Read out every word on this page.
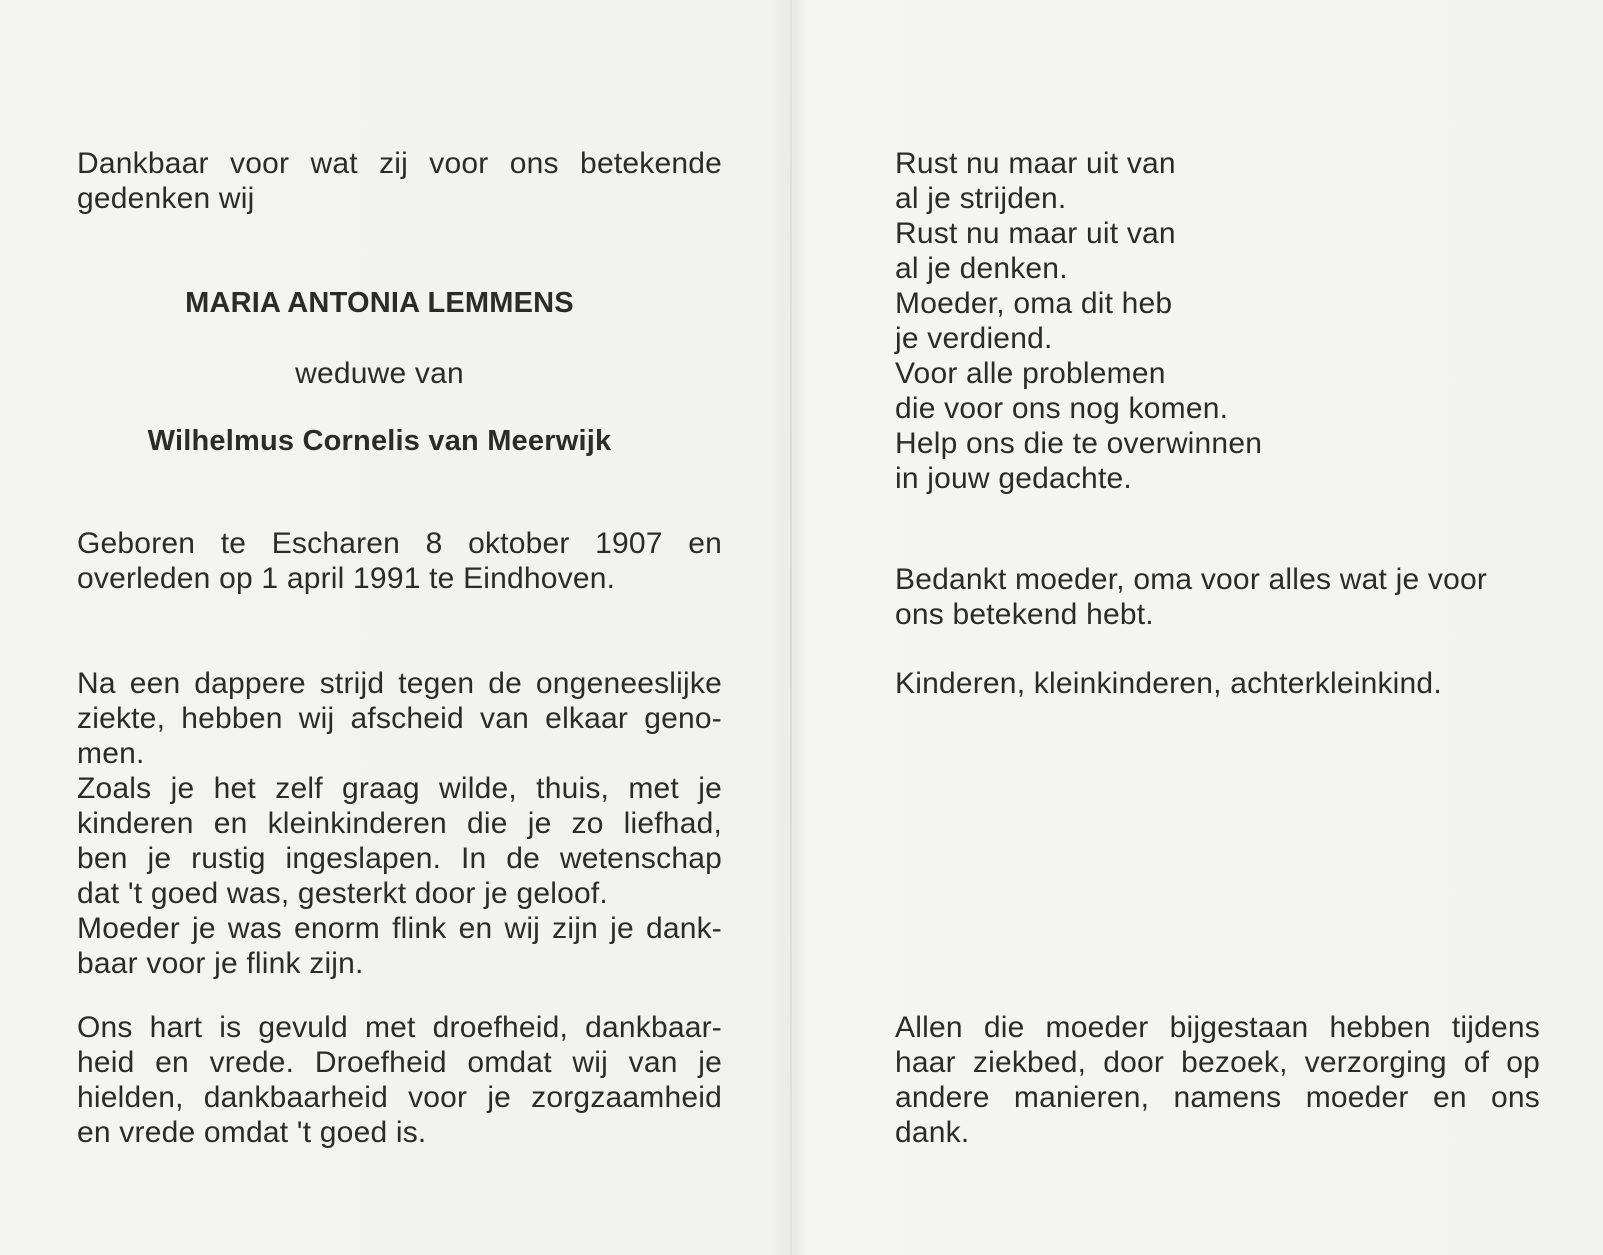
Dankbaar voor wat zij voor ons betekende
gedenken wij
MARIA ANTONIA LEMMENS
weduwe van
Wilhelmus Cornelis van Meerwijk
Geboren te Escharen 8 oktober 1907 en
overleden op 1 april 1991 te Eindhoven.
Na een dappere strijd tegen de ongeneeslijke
ziekte, hebben wij afscheid van elkaar geno-
men.
Zoals je het zelf graag wilde, thuis, met je
kinderen en kleinkinderen die je zo liefhad,
ben je rustig ingeslapen. In de wetenschap
dat 't goed was, gesterkt door je geloof.
Moeder je was enorm flink en wij zijn je dank-
baar voor je flink zijn.
Ons hart is gevuld met droefheid, dankbaar-
heid en vrede. Droefheid omdat wij van je
hielden, dankbaarheid voor je zorgzaamheid
en vrede omdat 't goed is.
Rust nu maar uit van
al je strijden.
Rust nu maar uit van
al je denken.
Moeder, oma dit heb
je verdiend.
Voor alle problemen
die voor ons nog komen.
Help ons die te overwinnen
in jouw gedachte.
Bedankt moeder, oma voor alles wat je voor
ons betekend hebt.
Kinderen, kleinkinderen, achterkleinkind.
Allen die moeder bijgestaan hebben tijdens
haar ziekbed, door bezoek, verzorging of op
andere manieren, namens moeder en ons
dank.
